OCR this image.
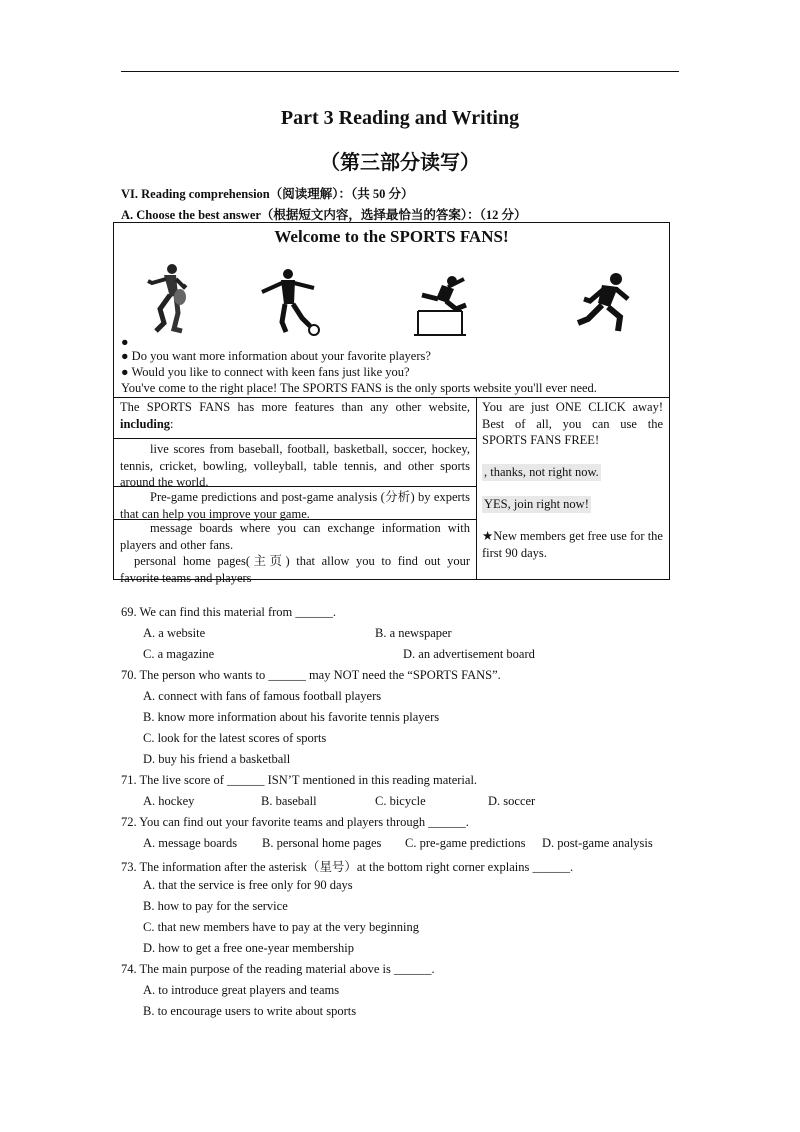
Part 3 Reading and Writing
（第三部分读写）
VI. Reading comprehension（阅读理解）：（共 50 分）
A. Choose the best answer（根据短文内容，选择最恰当的答案）：（12 分）
Welcome to the SPORTS FANS!
●
● Do you want more information about your favorite players?
● Would you like to connect with keen fans just like you?
You've come to the right place! The SPORTS FANS is the only sports website you'll ever need.
The SPORTS FANS has more features than any other website, including:
live scores from baseball, football, basketball, soccer, hockey, tennis, cricket, bowling, volleyball, table tennis, and other sports around the world.
Pre-game predictions and post-game analysis (分析) by experts that can help you improve your game.
message boards where you can exchange information with players and other fans.
personal home pages(主页) that allow you to find out your favorite teams and players
You are just ONE CLICK away! Best of all, you can use the SPORTS FANS FREE!
, thanks, not right now.
YES, join right now!
★New members get free use for the first 90 days.
69. We can find this material from ______.
A. a website	B. a newspaper
C. a magazine	D. an advertisement board
70. The person who wants to ______ may NOT need the “SPORTS FANS”.
A. connect with fans of famous football players
B. know more information about his favorite tennis players
C. look for the latest scores of sports
D. buy his friend a basketball
71. The live score of ______ ISN’T mentioned in this reading material.
A. hockey	B. baseball	C. bicycle	D. soccer
72. You can find out your favorite teams and players through ______.
A. message boards B. personal home pages C. pre-game predictions D. post-game analysis
73. The information after the asterisk（星号）at the bottom right corner explains ______.
A. that the service is free only for 90 days
B. how to pay for the service
C. that new members have to pay at the very beginning
D. how to get a free one-year membership
74. The main purpose of the reading material above is ______.
A. to introduce great players and teams
B. to encourage users to write about sports
